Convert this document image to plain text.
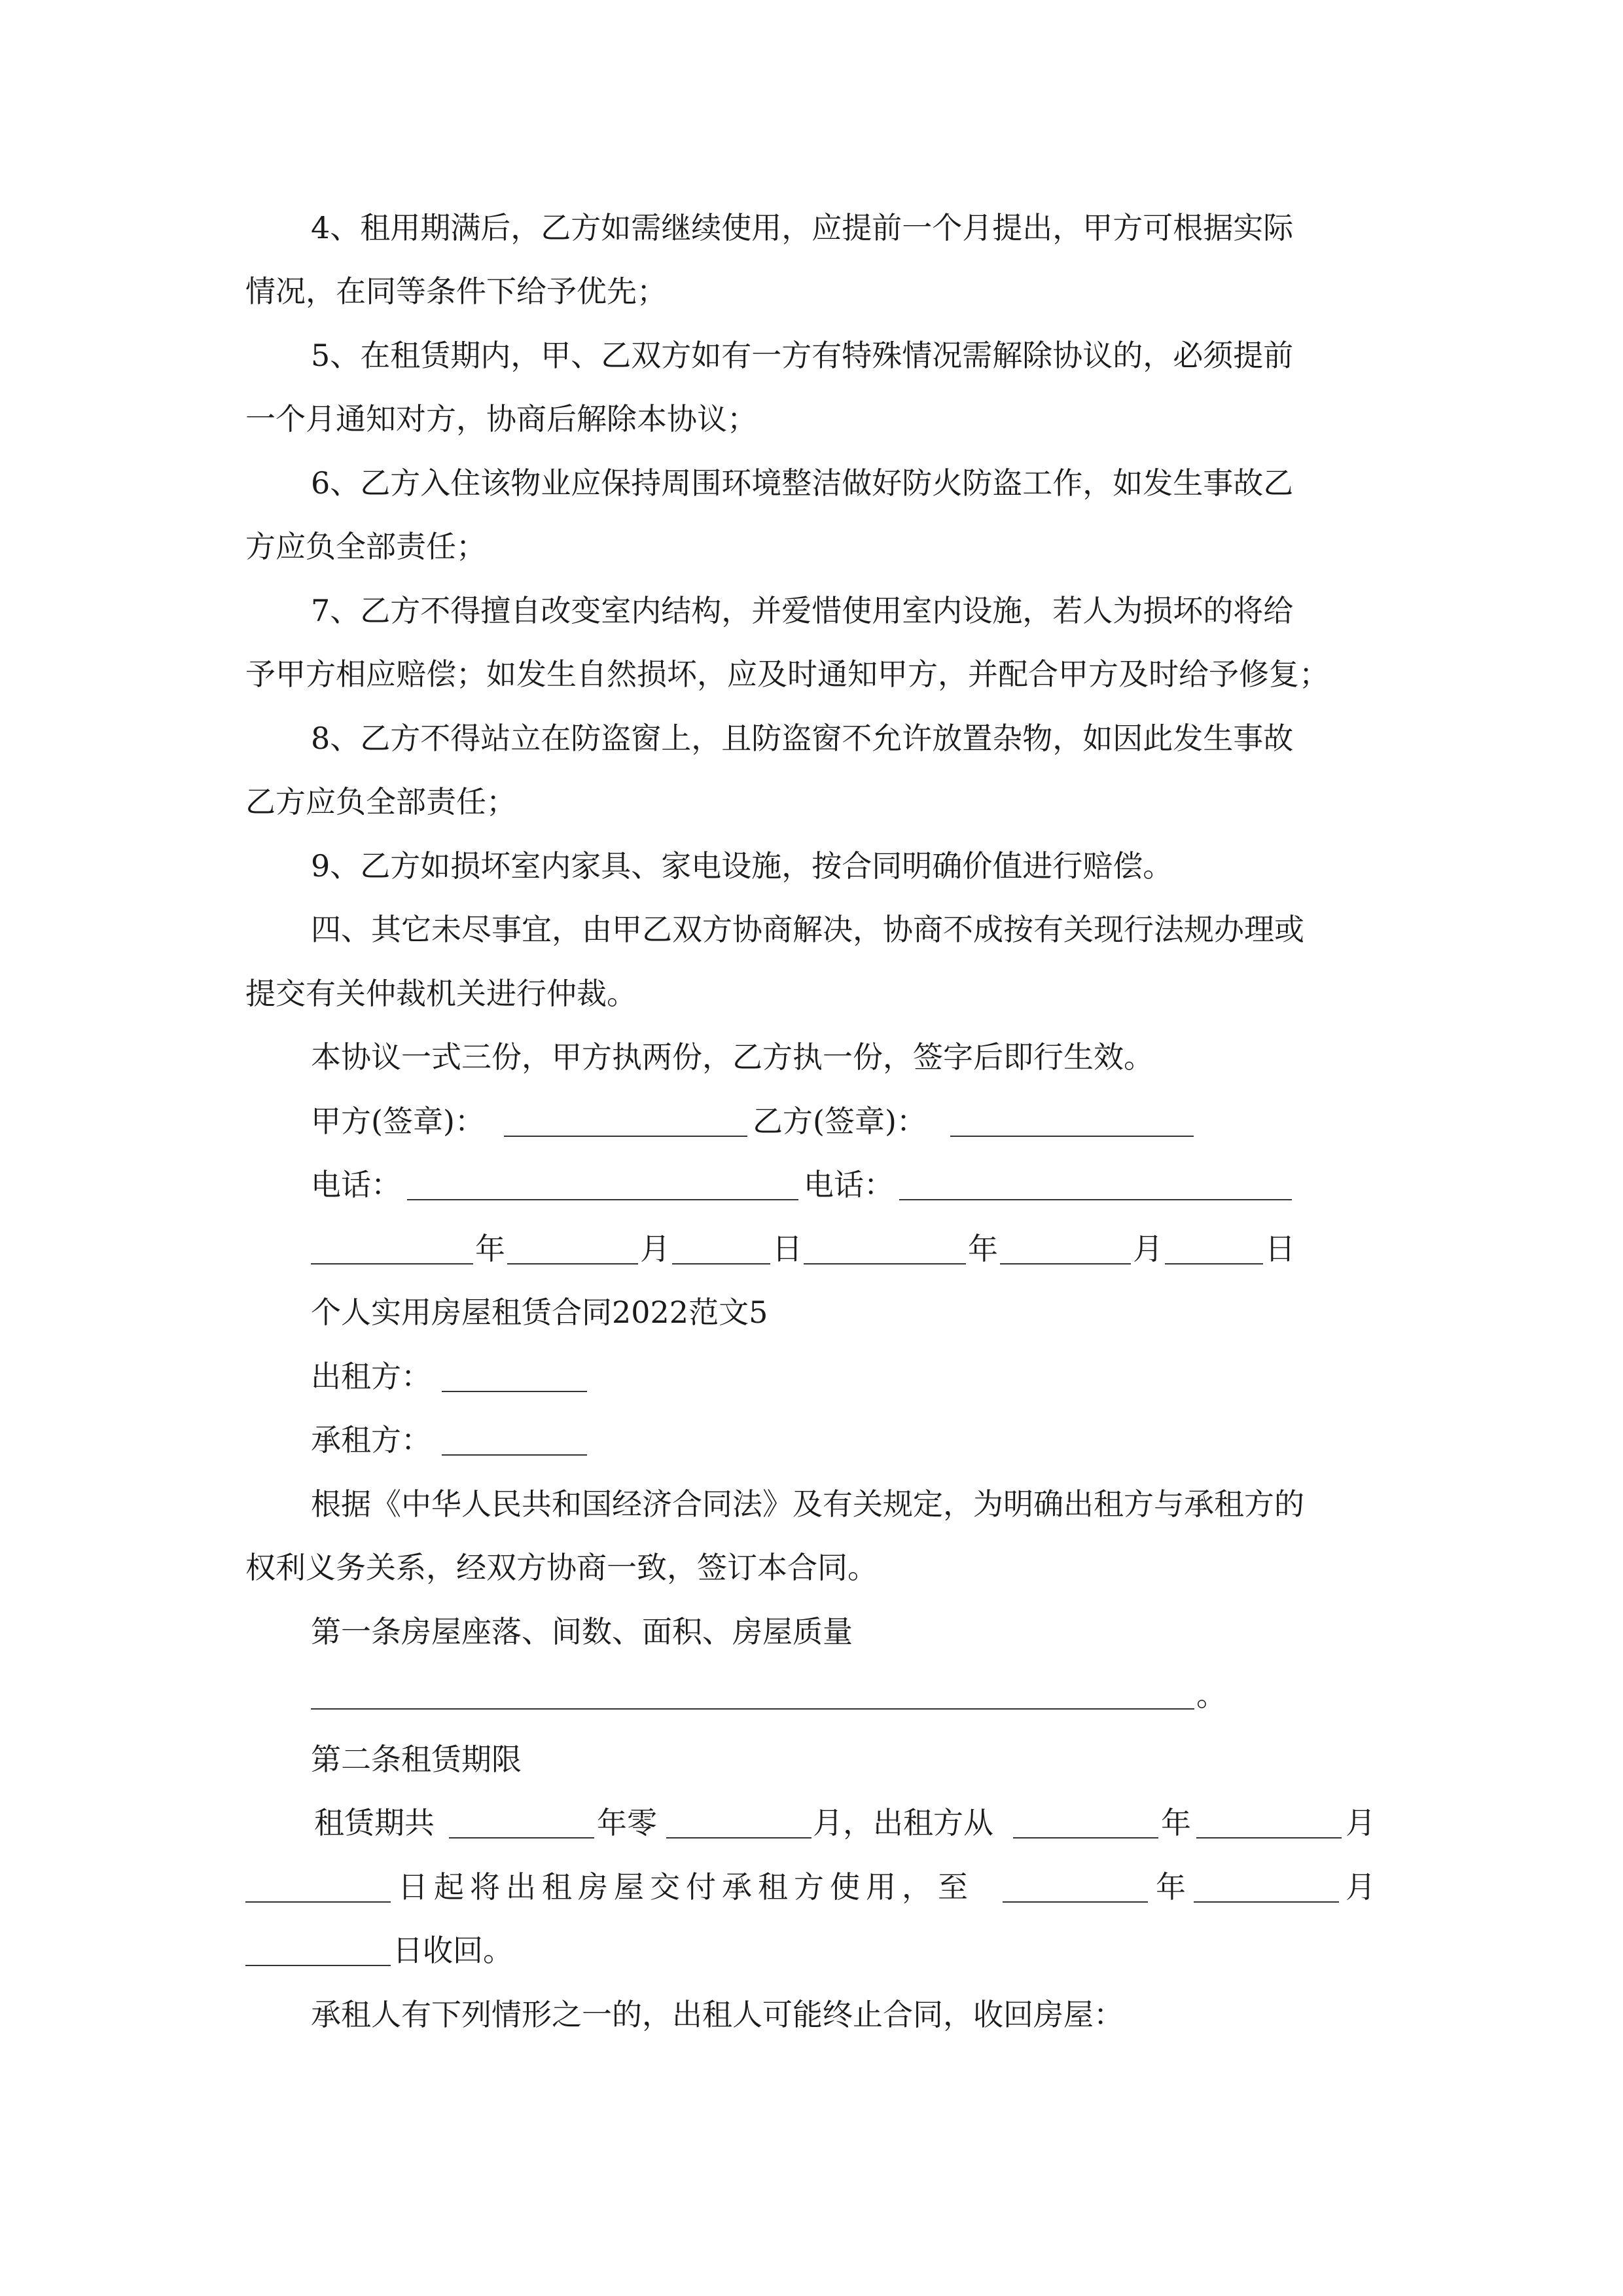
4、租用期满后，乙方如需继续使用，应提前一个月提出，甲方可根据实际
情况，在同等条件下给予优先；
5、在租赁期内，甲、乙双方如有一方有特殊情况需解除协议的，必须提前
一个月通知对方，协商后解除本协议；
6、乙方入住该物业应保持周围环境整洁做好防火防盗工作，如发生事故乙
方应负全部责任；
7、乙方不得擅自改变室内结构，并爱惜使用室内设施，若人为损坏的将给
予甲方相应赔偿；如发生自然损坏，应及时通知甲方，并配合甲方及时给予修复；
8、乙方不得站立在防盗窗上，且防盗窗不允许放置杂物，如因此发生事故
乙方应负全部责任；
9、乙方如损坏室内家具、家电设施，按合同明确价值进行赔偿。
四、其它未尽事宜，由甲乙双方协商解决，协商不成按有关现行法规办理或
提交有关仲裁机关进行仲裁。
本协议一式三份，甲方执两份，乙方执一份，签字后即行生效。
甲方(签章)：	乙方(签章)：
电话：	电话：
年	月	日	年	月	日
个人实用房屋租赁合同2022范文5
出租方：
承租方：
根据《中华人民共和国经济合同法》及有关规定，为明确出租方与承租方的
权利义务关系，经双方协商一致，签订本合同。
第一条房屋座落、间数、面积、房屋质量
。
第二条租赁期限
租赁期共	年零	月，出租方从	年	月
日起将出租房屋交付承租方使用，至	年	月
日收回。
承租人有下列情形之一的，出租人可能终止合同，收回房屋：
